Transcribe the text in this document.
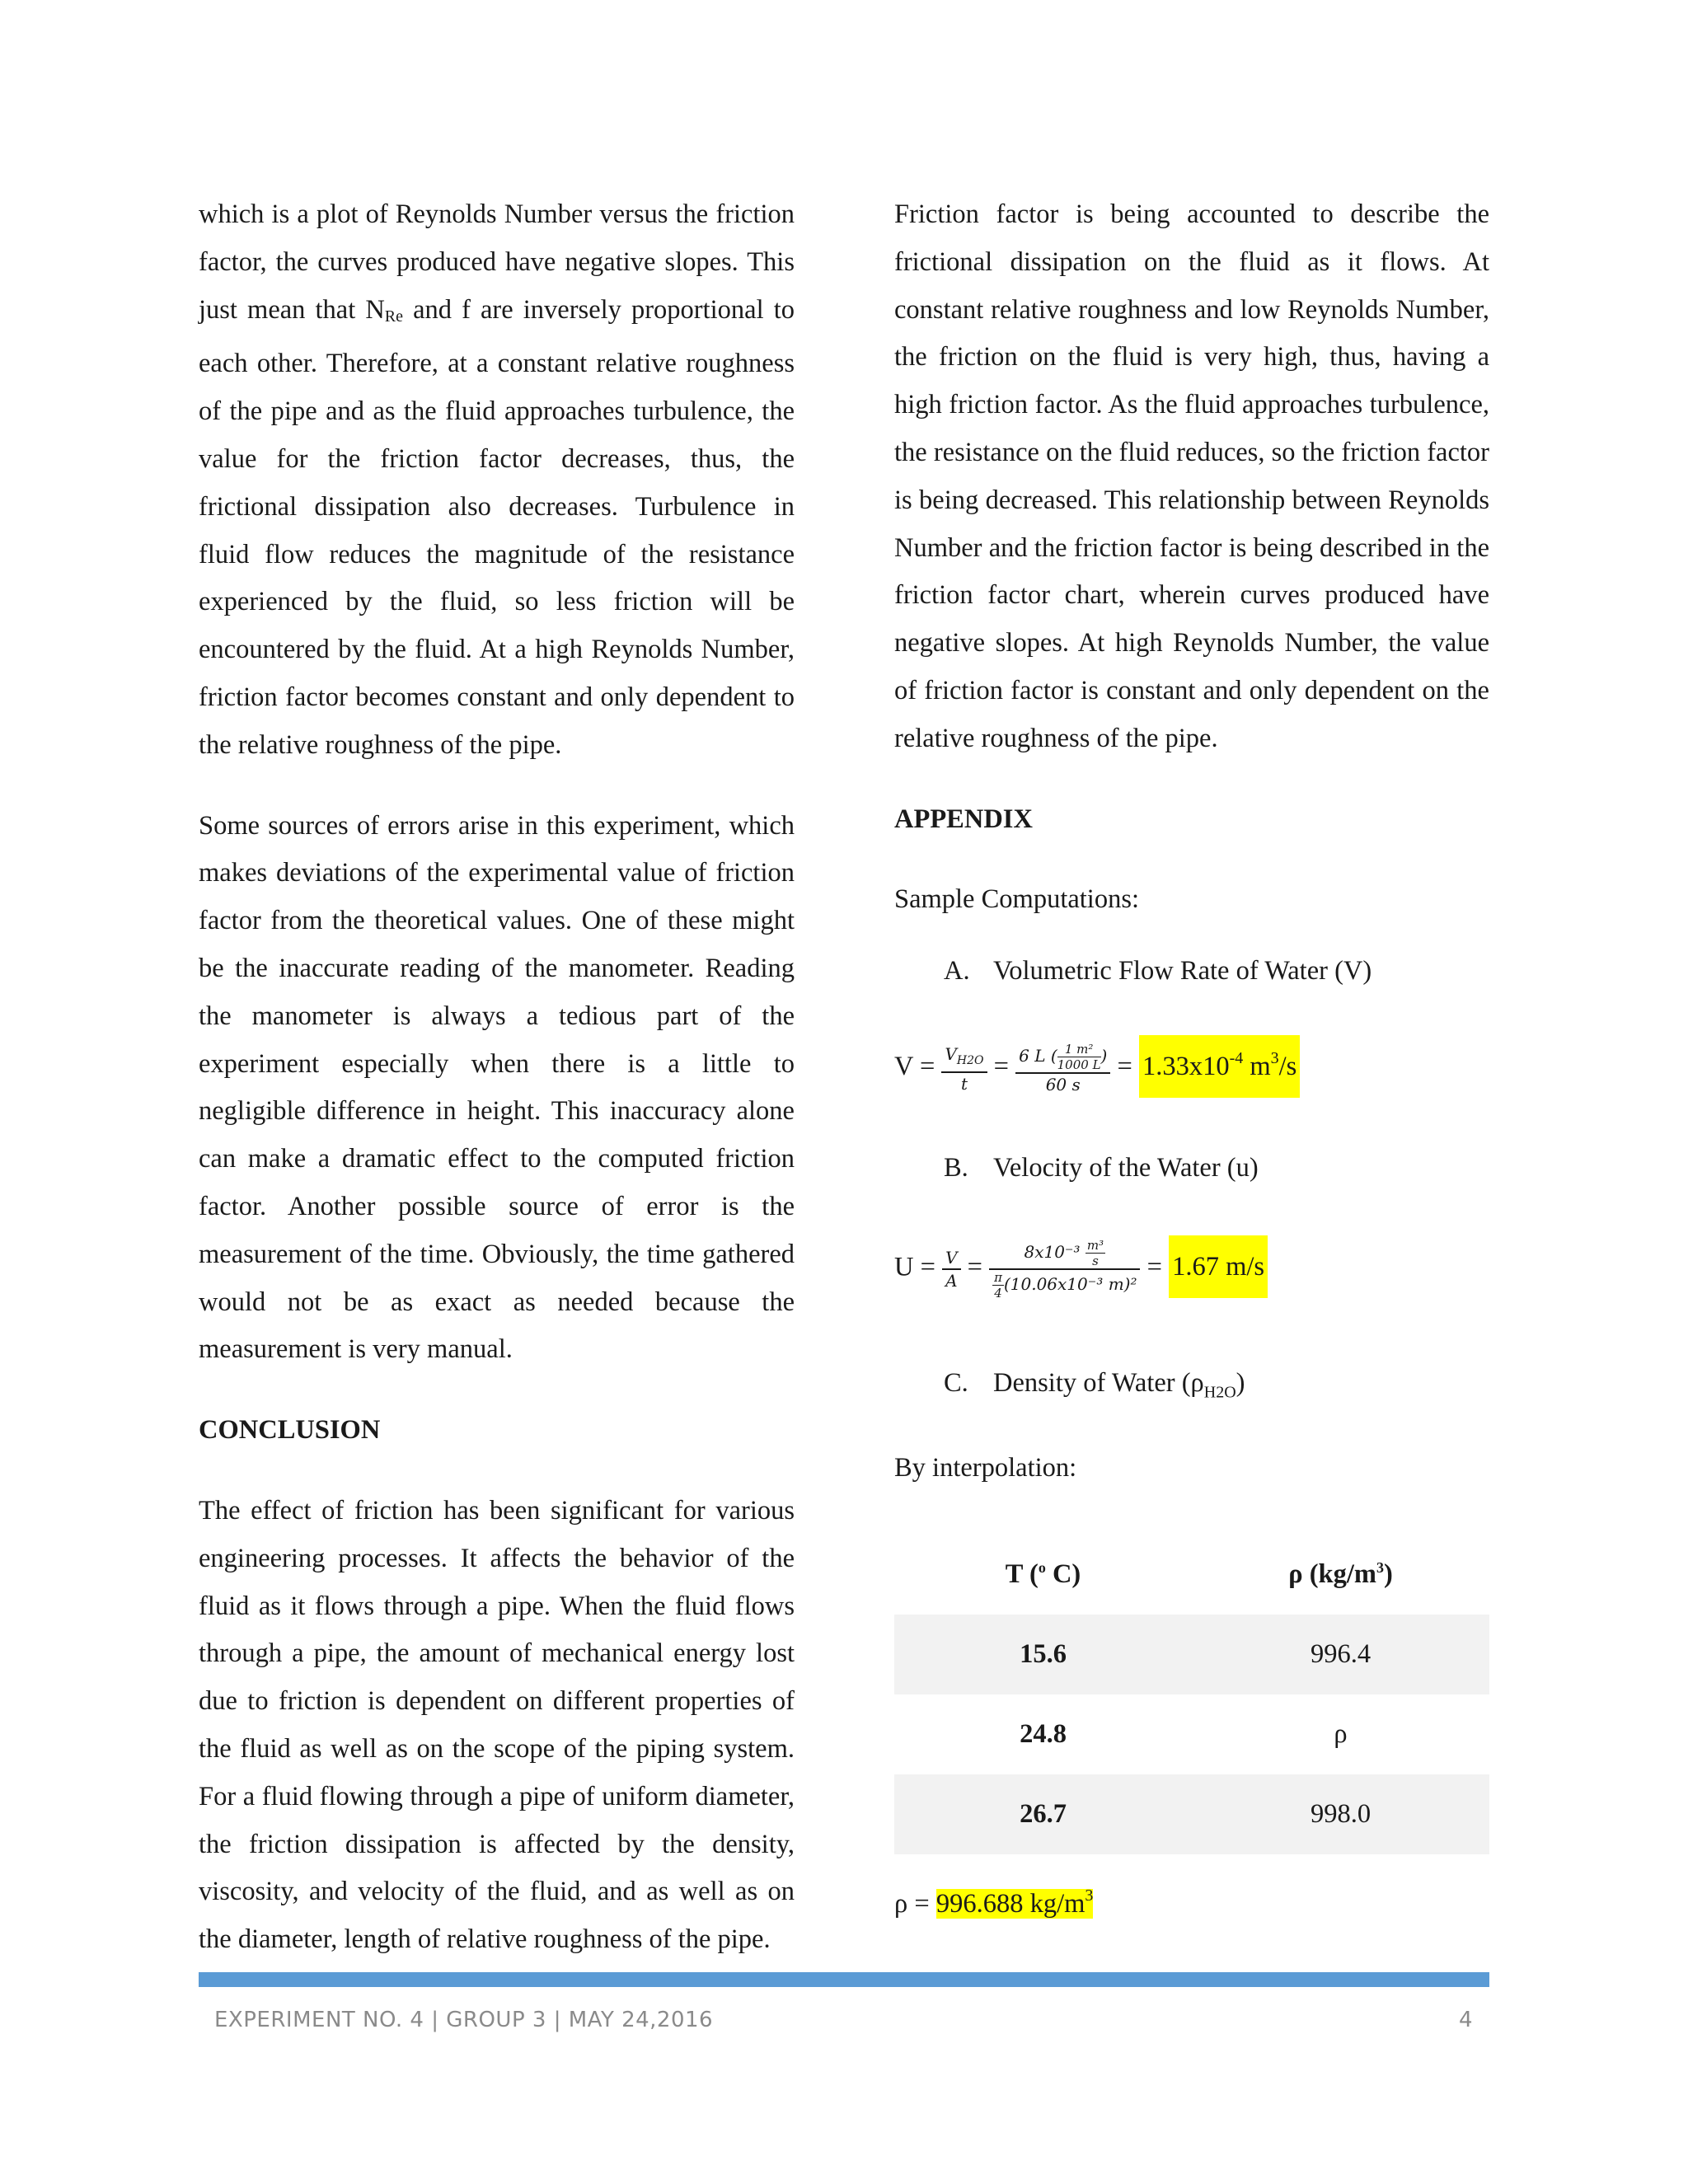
which is a plot of Reynolds Number versus the friction factor, the curves produced have negative slopes. This just mean that $N_{Re}$ and f are inversely proportional to each other. Therefore, at a constant relative roughness of the pipe and as the fluid approaches turbulence, the value for the friction factor decreases, thus, the frictional dissipation also decreases. Turbulence in fluid flow reduces the magnitude of the resistance experienced by the fluid, so less friction will be encountered by the fluid. At a high Reynolds Number, friction factor becomes constant and only dependent to the relative roughness of the pipe.

Some sources of errors arise in this experiment, which makes deviations of the experimental value of friction factor from the theoretical values. One of these might be the inaccurate reading of the manometer. Reading the manometer is always a tedious part of the experiment especially when there is a little to negligible difference in height. This inaccuracy alone can make a dramatic effect to the computed friction factor. Another possible source of error is the measurement of the time. Obviously, the time gathered would not be as exact as needed because the measurement is very manual.

CONCLUSION

The effect of friction has been significant for various engineering processes. It affects the behavior of the fluid as it flows through a pipe. When the fluid flows through a pipe, the amount of mechanical energy lost due to friction is dependent on different properties of the fluid as well as on the scope of the piping system. For a fluid flowing through a pipe of uniform diameter, the friction dissipation is affected by the density, viscosity, and velocity of the fluid, and as well as on the diameter, length of relative roughness of the pipe.

Friction factor is being accounted to describe the frictional dissipation on the fluid as it flows. At constant relative roughness and low Reynolds Number, the friction on the fluid is very high, thus, having a high friction factor. As the fluid approaches turbulence, the resistance on the fluid reduces, so the friction factor is being decreased. This relationship between Reynolds Number and the friction factor is being described in the friction factor chart, wherein curves produced have negative slopes. At high Reynolds Number, the value of friction factor is constant and only dependent on the relative roughness of the pipe.

APPENDIX

Sample Computations:

A. Volumetric Flow Rate of Water (V)
$V = \frac{V_{H2O}}{t} = \frac{6 L ( \frac{\text{1 m²}}{1000 L} )}{60 s} = 1.33x10^{-4}$ $m^3/s$
B. Velocity of the Water (u)
$U = \frac{V}{A} = \frac{8x10^{-3} \frac{\text{m³}}{s}}{\frac{\pi}{4} (10.06x10^{-3} m)^2} = 1.67$ m/s
C. Density of Water $(\rho_{H2O})$
By interpolation:
T ($^o$ C)	ρ $(kg/m^3)$
15.6	996.4
24.8	ρ
26.7	998.0
ρ = 996.688 $kg/m^3$
EXPERIMENT NO. 4 | GROUP 3 | MAY 24,2016	4
